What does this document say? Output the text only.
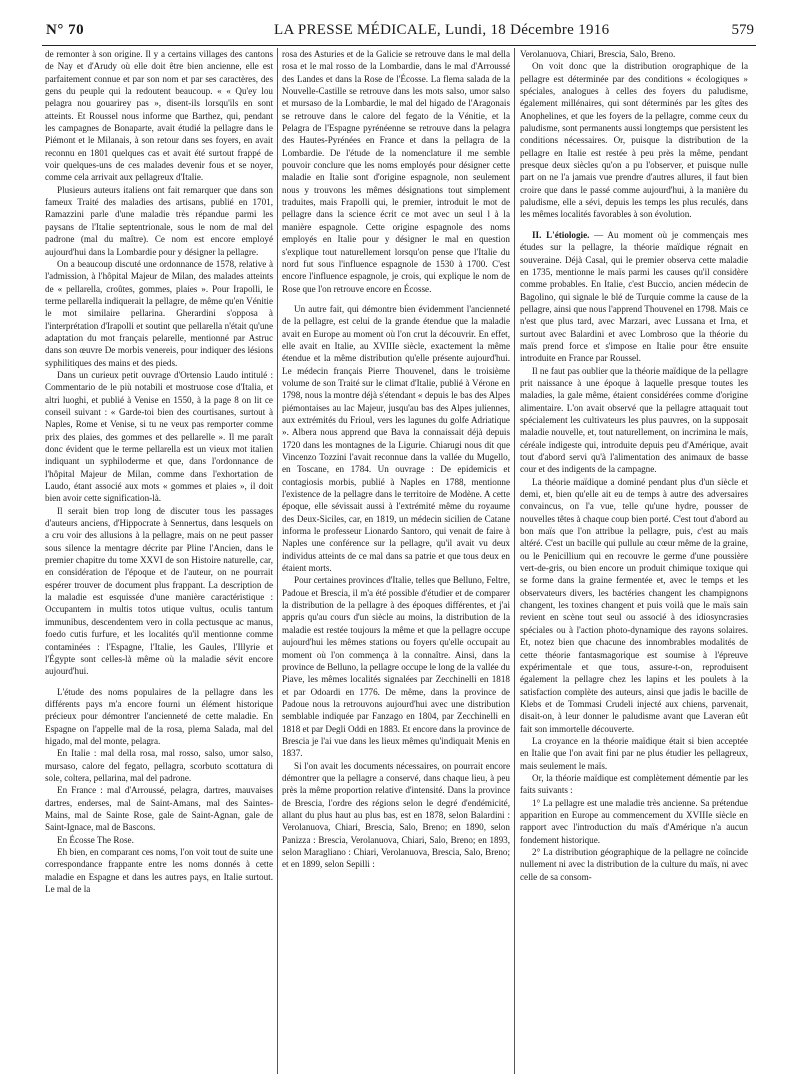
N° 70	LA PRESSE MÉDICALE, Lundi, 18 Décembre 1916	579

de remonter à son origine. Il y a certains villages des cantons de Nay et d'Arudy où elle doit être bien ancienne, elle est parfaitement connue et par son nom et par ses caractères, des gens du peuple qui la redoutent beaucoup. « « Qu'ey lou pelagra nou gouarirey pas », disent-ils lorsqu'ils en sont atteints. Et Roussel nous informe que Barthez, qui, pendant les campagnes de Bonaparte, avait étudié la pellagre dans le Piémont et le Milanais, à son retour dans ses foyers, en avait reconnu en 1801 quelques cas et avait été surtout frappé de voir quelques-uns de ces malades devenir fous et se noyer, comme cela arrivait aux pellagreux d'Italie.

Plusieurs auteurs italiens ont fait remarquer que dans son fameux Traité des maladies des artisans, publié en 1701, Ramazzini parle d'une maladie très répandue parmi les paysans de l'Italie septentrionale, sous le nom de mal del padrone (mal du maître). Ce nom est encore employé aujourd'hui dans la Lombardie pour y désigner la pellagre.

On a beaucoup discuté une ordonnance de 1578, relative à l'admission, à l'hôpital Majeur de Milan, des malades atteints de « pellarella, croûtes, gommes, plaies ». Pour Irapolli, le terme pellarella indiquerait la pellagre, de même qu'en Vénitie le mot similaire pellarina. Gherardini s'opposa à l'interprétation d'Irapolli et soutint que pellarella n'était qu'une adaptation du mot français pelarelle, mentionné par Astruc dans son œuvre De morbis venereis, pour indiquer des lésions syphilitiques des mains et des pieds.

Dans un curieux petit ouvrage d'Ortensio Laudo intitulé : Commentario de le più notabili et mostruose cose d'Italia, et altri luoghi, et publié à Venise en 1550, à la page 8 on lit ce conseil suivant : « Garde-toi bien des courtisanes, surtout à Naples, Rome et Venise, si tu ne veux pas remporter comme prix des plaies, des gommes et des pellarelle ». Il me paraît donc évident que le terme pellarella est un vieux mot italien indiquant un syphiloderme et que, dans l'ordonnance de l'hôpital Majeur de Milan, comme dans l'exhortation de Laudo, étant associé aux mots « gommes et plaies », il doit bien avoir cette signification-là.

Il serait bien trop long de discuter tous les passages d'auteurs anciens, d'Hippocrate à Sennertus, dans lesquels on a cru voir des allusions à la pellagre, mais on ne peut passer sous silence la mentagre décrite par Pline l'Ancien, dans le premier chapitre du tome XXVI de son Histoire naturelle, car, en considération de l'époque et de l'auteur, on ne pourrait espérer trouver de document plus frappant. La description de la maladie est esquissée d'une manière caractéristique : Occupantem in multis totos utique vultus, oculis tantum immunibus, descendentem vero in colla pectusque ac manus, foedo cutis furfure, et les localités qu'il mentionne comme contaminées : l'Espagne, l'Italie, les Gaules, l'Illyrie et l'Égypte sont celles-là même où la maladie sévit encore aujourd'hui.

L'étude des noms populaires de la pellagre dans les différents pays m'a encore fourni un élément historique précieux pour démontrer l'ancienneté de cette maladie. En Espagne on l'appelle mal de la rosa, plema Salada, mal del higado, mal del monte, pelagra.

En Italie : mal della rosa, mal rosso, salso, umor salso, mursaso, calore del fegato, pellagra, scorbuto scottatura di sole, coltera, pellarina, mal del padrone.

En France : mal d'Arroussé, pelagra, dartres, mauvaises dartres, enderses, mal de Saint-Amans, mal des Saintes-Mains, mal de Sainte Rose, gale de Saint-Agnan, gale de Saint-Ignace, mal de Bascons.

En Écosse The Rose.

Eh bien, en comparant ces noms, l'on voit tout de suite une correspondance frappante entre les noms donnés à cette maladie en Espagne et dans les autres pays, en Italie surtout. Le mal de la

rosa des Asturies et de la Galicie se retrouve dans le mal della rosa et le mal rosso de la Lombardie, dans le mal d'Arroussé des Landes et dans la Rose de l'Écosse. La flema salada de la Nouvelle-Castille se retrouve dans les mots salso, umor salso et mursaso de la Lombardie, le mal del higado de l'Aragonais se retrouve dans le calore del fegato de la Vénitie, et la Pelagra de l'Espagne pyrénéenne se retrouve dans la pelagra des Hautes-Pyrénées en France et dans la pellagra de la Lombardie. De l'étude de la nomenclature il me semble pouvoir conclure que les noms employés pour désigner cette maladie en Italie sont d'origine espagnole, non seulement nous y trouvons les mêmes désignations tout simplement traduites, mais Frapolli qui, le premier, introduit le mot de pellagre dans la science écrit ce mot avec un seul l à la manière espagnole. Cette origine espagnole des noms employés en Italie pour y désigner le mal en question s'explique tout naturellement lorsqu'on pense que l'Italie du nord fut sous l'influence espagnole de 1530 à 1700. C'est encore l'influence espagnole, je crois, qui explique le nom de Rose que l'on retrouve encore en Écosse.

Un autre fait, qui démontre bien évidemment l'ancienneté de la pellagre, est celui de la grande étendue que la maladie avait en Europe au moment où l'on crut la découvrir. En effet, elle avait en Italie, au XVIIIe siècle, exactement la même étendue et la même distribution qu'elle présente aujourd'hui. Le médecin français Pierre Thouvenel, dans le troisième volume de son Traité sur le climat d'Italie, publié à Vérone en 1798, nous la montre déjà s'étendant « depuis le bas des Alpes piémontaises au lac Majeur, jusqu'au bas des Alpes juliennes, aux extrémités du Frioul, vers les lagunes du golfe Adriatique ». Albera nous apprend que Bava la connaissait déjà depuis 1720 dans les montagnes de la Ligurie. Chiarugi nous dit que Vincenzo Tozzini l'avait reconnue dans la vallée du Mugello, en Toscane, en 1784. Un ouvrage : De epidemicis et contagiosis morbis, publié à Naples en 1788, mentionne l'existence de la pellagre dans le territoire de Modène. A cette époque, elle sévissait aussi à l'extrémité même du royaume des Deux-Siciles, car, en 1819, un médecin sicilien de Catane informa le professeur Lionardo Santoro, qui venait de faire à Naples une conférence sur la pellagre, qu'il avait vu deux individus atteints de ce mal dans sa patrie et que tous deux en étaient morts.

Pour certaines provinces d'Italie, telles que Belluno, Feltre, Padoue et Brescia, il m'a été possible d'étudier et de comparer la distribution de la pellagre à des époques différentes, et j'ai appris qu'au cours d'un siècle au moins, la distribution de la maladie est restée toujours la même et que la pellagre occupe aujourd'hui les mêmes stations ou foyers qu'elle occupait au moment où l'on commença à la connaître. Ainsi, dans la province de Belluno, la pellagre occupe le long de la vallée du Piave, les mêmes localités signalées par Zecchinelli en 1818 et par Odoardi en 1776. De même, dans la province de Padoue nous la retrouvons aujourd'hui avec une distribution semblable indiquée par Fanzago en 1804, par Zecchinelli en 1818 et par Degli Oddi en 1883. Et encore dans la province de Brescia je l'ai vue dans les lieux mêmes qu'indiquait Menis en 1837.

Si l'on avait les documents nécessaires, on pourrait encore démontrer que la pellagre a conservé, dans chaque lieu, à peu près la même proportion relative d'intensité. Dans la province de Brescia, l'ordre des régions selon le degré d'endémicité, allant du plus haut au plus bas, est en 1878, selon Balardini : Verolanuova, Chiari, Brescia, Salo, Breno; en 1890, selon Panizza : Brescia, Verolanuova, Chiari, Salo, Breno; en 1893, selon Maragliano : Chiari, Verolanuova, Brescia, Salo, Breno; et en 1899, selon Sepilli :

Verolanuova, Chiari, Brescia, Salo, Breno.

On voit donc que la distribution orographique de la pellagre est déterminée par des conditions « écologiques » spéciales, analogues à celles des foyers du paludisme, également millénaires, qui sont déterminés par les gîtes des Anophelines, et que les foyers de la pellagre, comme ceux du paludisme, sont permanents aussi longtemps que persistent les conditions nécessaires. Or, puisque la distribution de la pellagre en Italie est restée à peu près la même, pendant presque deux siècles qu'on a pu l'observer, et puisque nulle part on ne l'a jamais vue prendre d'autres allures, il faut bien croire que dans le passé comme aujourd'hui, à la manière du paludisme, elle a sévi, depuis les temps les plus reculés, dans les mêmes localités favorables à son évolution.

II. L'étiologie. — Au moment où je commençais mes études sur la pellagre, la théorie maïdique régnait en souveraine. Déjà Casal, qui le premier observa cette maladie en 1735, mentionne le maïs parmi les causes qu'il considère comme probables. En Italie, c'est Buccio, ancien médecin de Bagolino, qui signale le blé de Turquie comme la cause de la pellagre, ainsi que nous l'apprend Thouvenel en 1798. Mais ce n'est que plus tard, avec Marzari, avec Lussana et Irna, et surtout avec Balardini et avec Lombroso que la théorie du maïs prend force et s'impose en Italie pour être ensuite introduite en France par Roussel.

Il ne faut pas oublier que la théorie maïdique de la pellagre prit naissance à une époque à laquelle presque toutes les maladies, la gale même, étaient considérées comme d'origine alimentaire. L'on avait observé que la pellagre attaquait tout spécialement les cultivateurs les plus pauvres, on la supposait maladie nouvelle, et, tout naturellement, on incrimina le maïs, céréale indigeste qui, introduite depuis peu d'Amérique, avait tout d'abord servi qu'à l'alimentation des animaux de basse cour et des indigents de la campagne.

La théorie maïdique a dominé pendant plus d'un siècle et demi, et, bien qu'elle ait eu de temps à autre des adversaires convaincus, on l'a vue, telle qu'une hydre, pousser de nouvelles têtes à chaque coup bien porté. C'est tout d'abord au bon maïs que l'on attribue la pellagre, puis, c'est au maïs altéré. C'est un bacille qui pullule au cœur même de la graine, ou le Penicillium qui en recouvre le germe d'une poussière vert-de-gris, ou bien encore un produit chimique toxique qui se forme dans la graine fermentée et, avec le temps et les observateurs divers, les bactéries changent les champignons changent, les toxines changent et puis voilà que le maïs sain revient en scène tout seul ou associé à des idiosyncrasies spéciales ou à l'action photo-dynamique des rayons solaires. Et, notez bien que chacune des innombrables modalités de cette théorie fantasmagorique est soumise à l'épreuve expérimentale et que tous, assure-t-on, reproduisent également la pellagre chez les lapins et les poulets à la satisfaction complète des auteurs, ainsi que jadis le bacille de Klebs et de Tommasi Crudeli injecté aux chiens, parvenait, disait-on, à leur donner le paludisme avant que Laveran eût fait son immortelle découverte.

La croyance en la théorie maïdique était si bien acceptée en Italie que l'on avait fini par ne plus étudier les pellagreux, mais seulement le maïs.

Or, la théorie maïdique est complètement démentie par les faits suivants :

1° La pellagre est une maladie très ancienne. Sa prétendue apparition en Europe au commencement du XVIIIe siècle en rapport avec l'introduction du maïs d'Amérique n'a aucun fondement historique.

2° La distribution géographique de la pellagre ne coïncide nullement ni avec la distribution de la culture du maïs, ni avec celle de sa consom-
